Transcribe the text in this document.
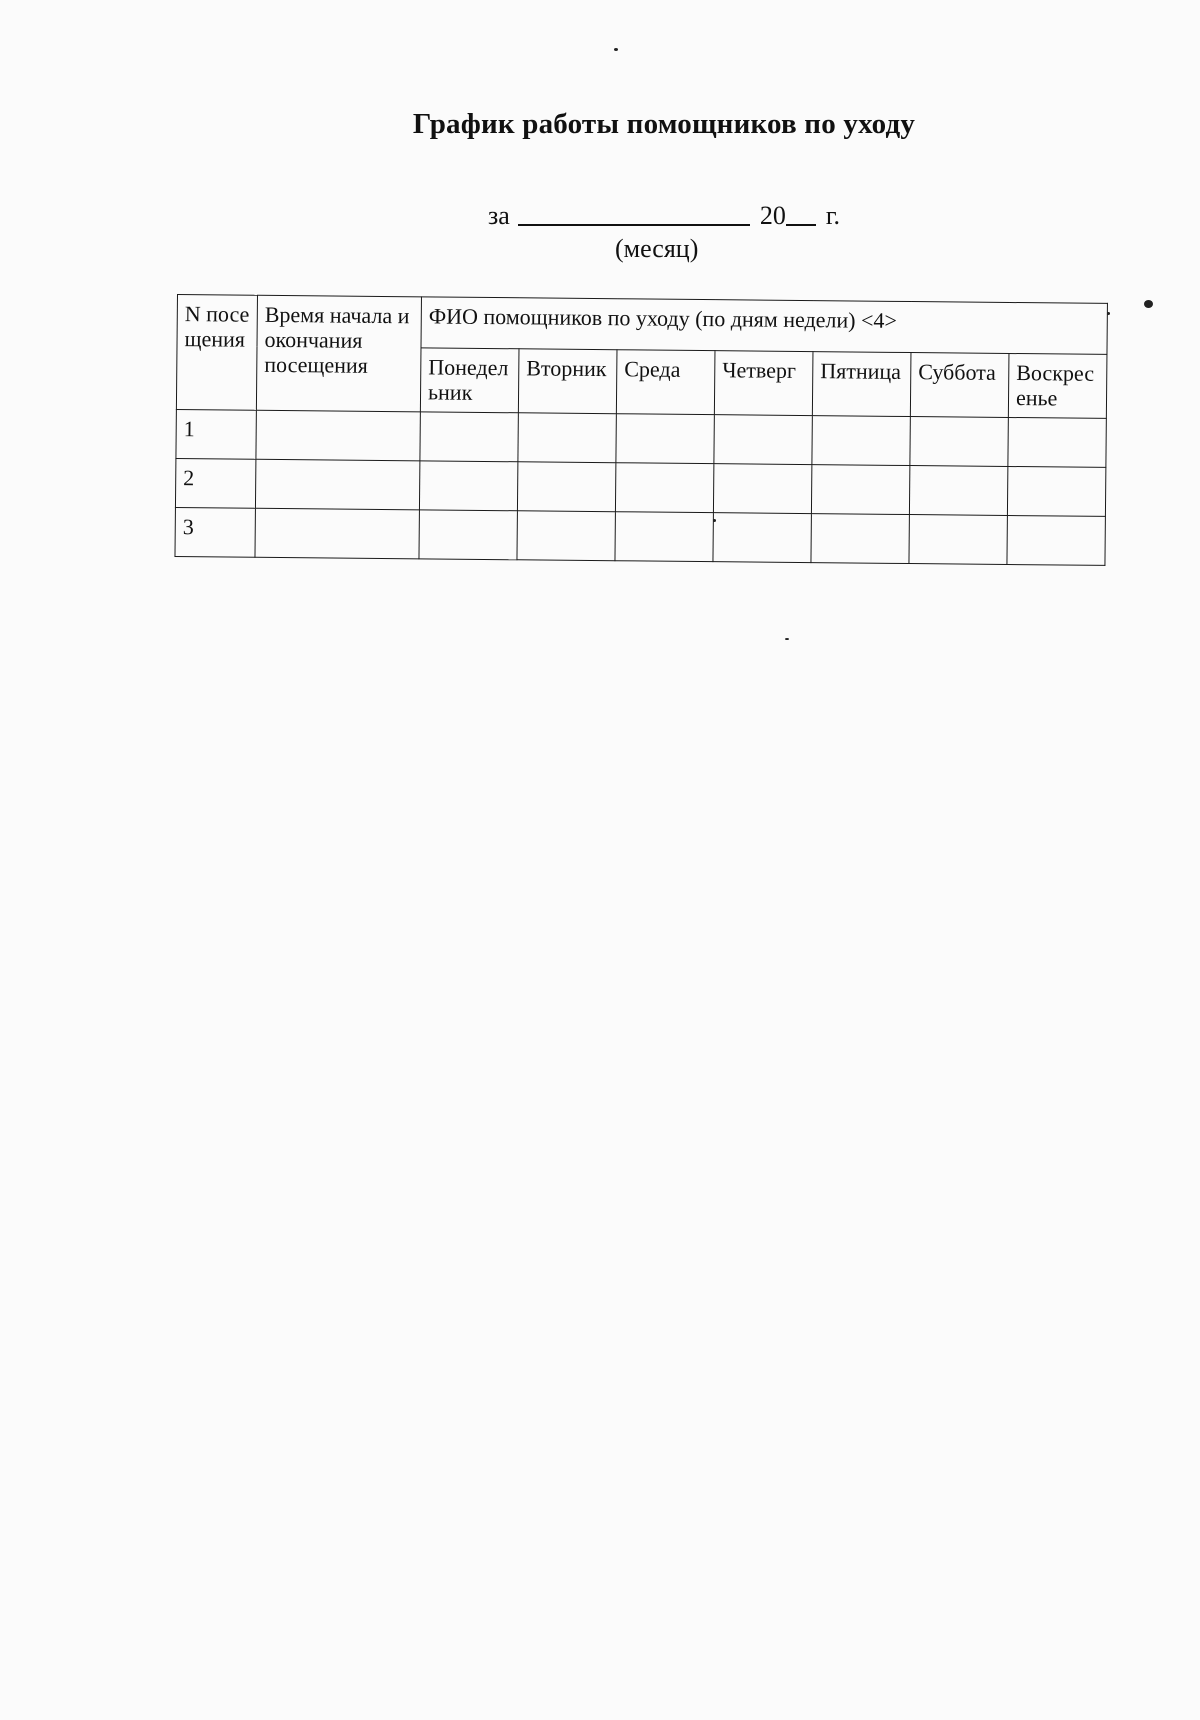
График работы помощников по уходу
за	20 г.
(месяц)
N посещения	Время начала и окончания посещения	ФИО помощников по уходу (по дням недели) <4>						
		Понедельник	Вторник	Среда	Четверг	Пятница	Суббота	Воскресенье
1								
2								
3								
